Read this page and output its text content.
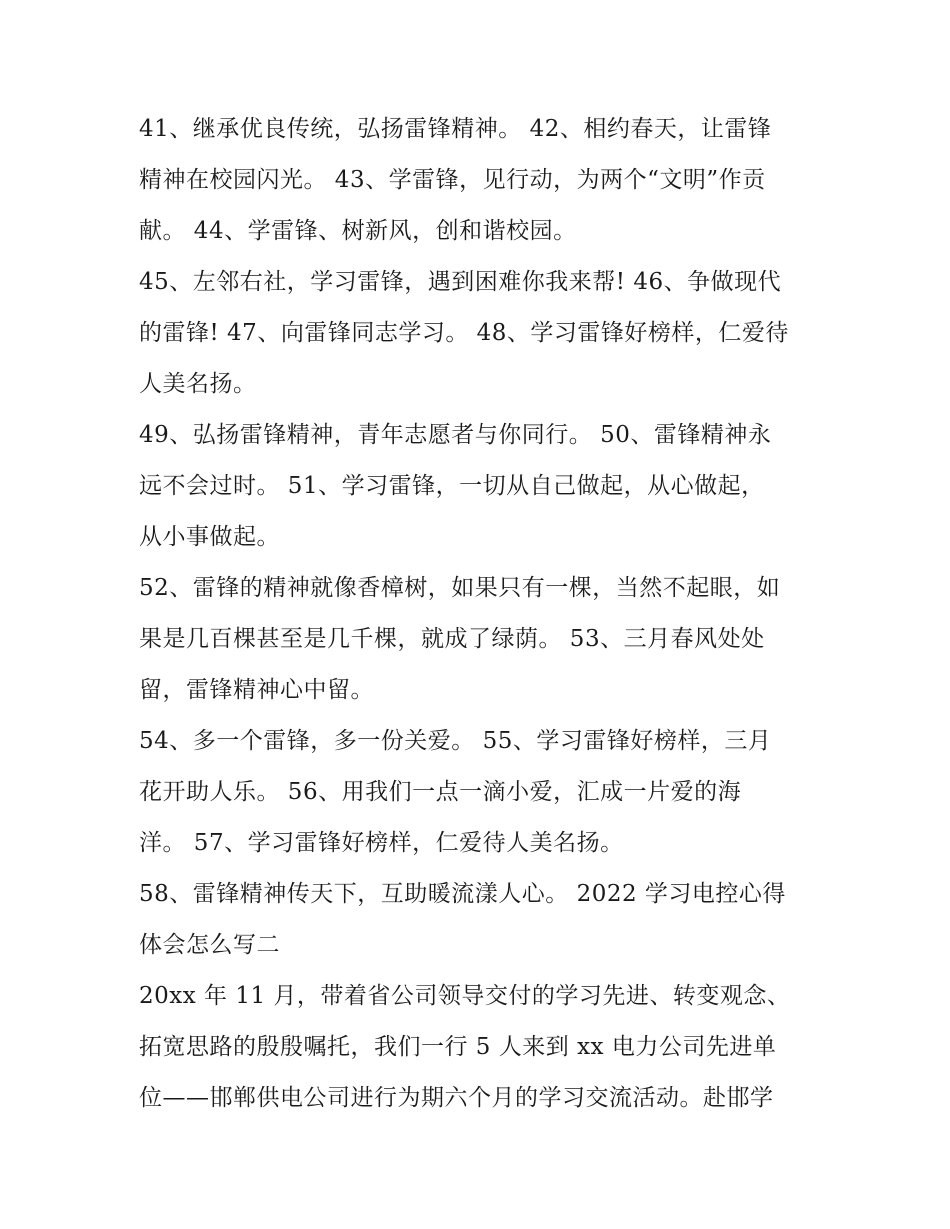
41、继承优良传统，弘扬雷锋精神。 42、相约春天，让雷锋
精神在校园闪光。 43、学雷锋，见行动，为两个“文明”作贡
献。 44、学雷锋、树新风，创和谐校园。
45、左邻右社，学习雷锋，遇到困难你我来帮! 46、争做现代
的雷锋! 47、向雷锋同志学习。 48、学习雷锋好榜样，仁爱待
人美名扬。
49、弘扬雷锋精神，青年志愿者与你同行。 50、雷锋精神永
远不会过时。 51、学习雷锋，一切从自己做起，从心做起，
从小事做起。
52、雷锋的精神就像香樟树，如果只有一棵，当然不起眼，如
果是几百棵甚至是几千棵，就成了绿荫。 53、三月春风处处
留，雷锋精神心中留。
54、多一个雷锋，多一份关爱。 55、学习雷锋好榜样，三月
花开助人乐。 56、用我们一点一滴小爱，汇成一片爱的海
洋。 57、学习雷锋好榜样，仁爱待人美名扬。
58、雷锋精神传天下，互助暖流漾人心。 2022 学习电控心得
体会怎么写二
20xx 年 11 月，带着省公司领导交付的学习先进、转变观念、
拓宽思路的殷殷嘱托，我们一行 5 人来到 xx 电力公司先进单
位——邯郸供电公司进行为期六个月的学习交流活动。赴邯学
